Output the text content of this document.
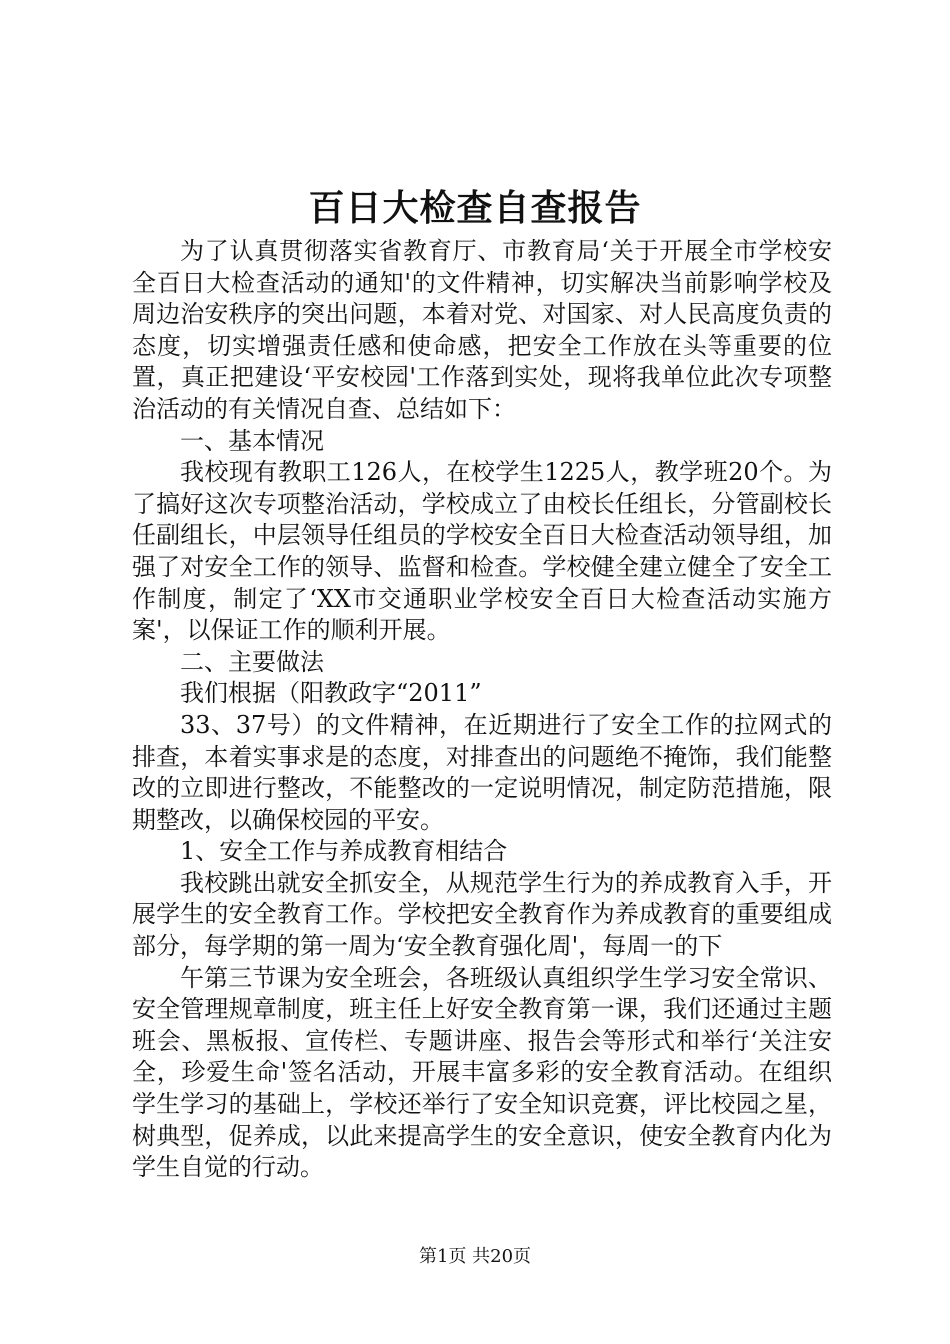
百日大检查自查报告

为了认真贯彻落实省教育厅、市教育局‘关于开展全市学校安全百日大检查活动的通知'的文件精神，切实解决当前影响学校及周边治安秩序的突出问题，本着对党、对国家、对人民高度负责的态度，切实增强责任感和使命感，把安全工作放在头等重要的位置，真正把建设‘平安校园'工作落到实处，现将我单位此次专项整治活动的有关情况自查、总结如下：

一、基本情况

我校现有教职工126人，在校学生1225人，教学班20个。为了搞好这次专项整治活动，学校成立了由校长任组长，分管副校长任副组长，中层领导任组员的学校安全百日大检查活动领导组，加强了对安全工作的领导、监督和检查。学校健全建立健全了安全工作制度，制定了‘XX市交通职业学校安全百日大检查活动实施方案'，以保证工作的顺利开展。

二、主要做法

我们根据（阳教政字“2011”

33、37号）的文件精神，在近期进行了安全工作的拉网式的排查，本着实事求是的态度，对排查出的问题绝不掩饰，我们能整改的立即进行整改，不能整改的一定说明情况，制定防范措施，限期整改，以确保校园的平安。

1、安全工作与养成教育相结合

我校跳出就安全抓安全，从规范学生行为的养成教育入手，开展学生的安全教育工作。学校把安全教育作为养成教育的重要组成部分，每学期的第一周为‘安全教育强化周'，每周一的下

午第三节课为安全班会，各班级认真组织学生学习安全常识、安全管理规章制度，班主任上好安全教育第一课，我们还通过主题班会、黑板报、宣传栏、专题讲座、报告会等形式和举行‘关注安全，珍爱生命'签名活动，开展丰富多彩的安全教育活动。在组织学生学习的基础上，学校还举行了安全知识竞赛，评比校园之星，树典型，促养成，以此来提高学生的安全意识，使安全教育内化为学生自觉的行动。

第1页 共20页
